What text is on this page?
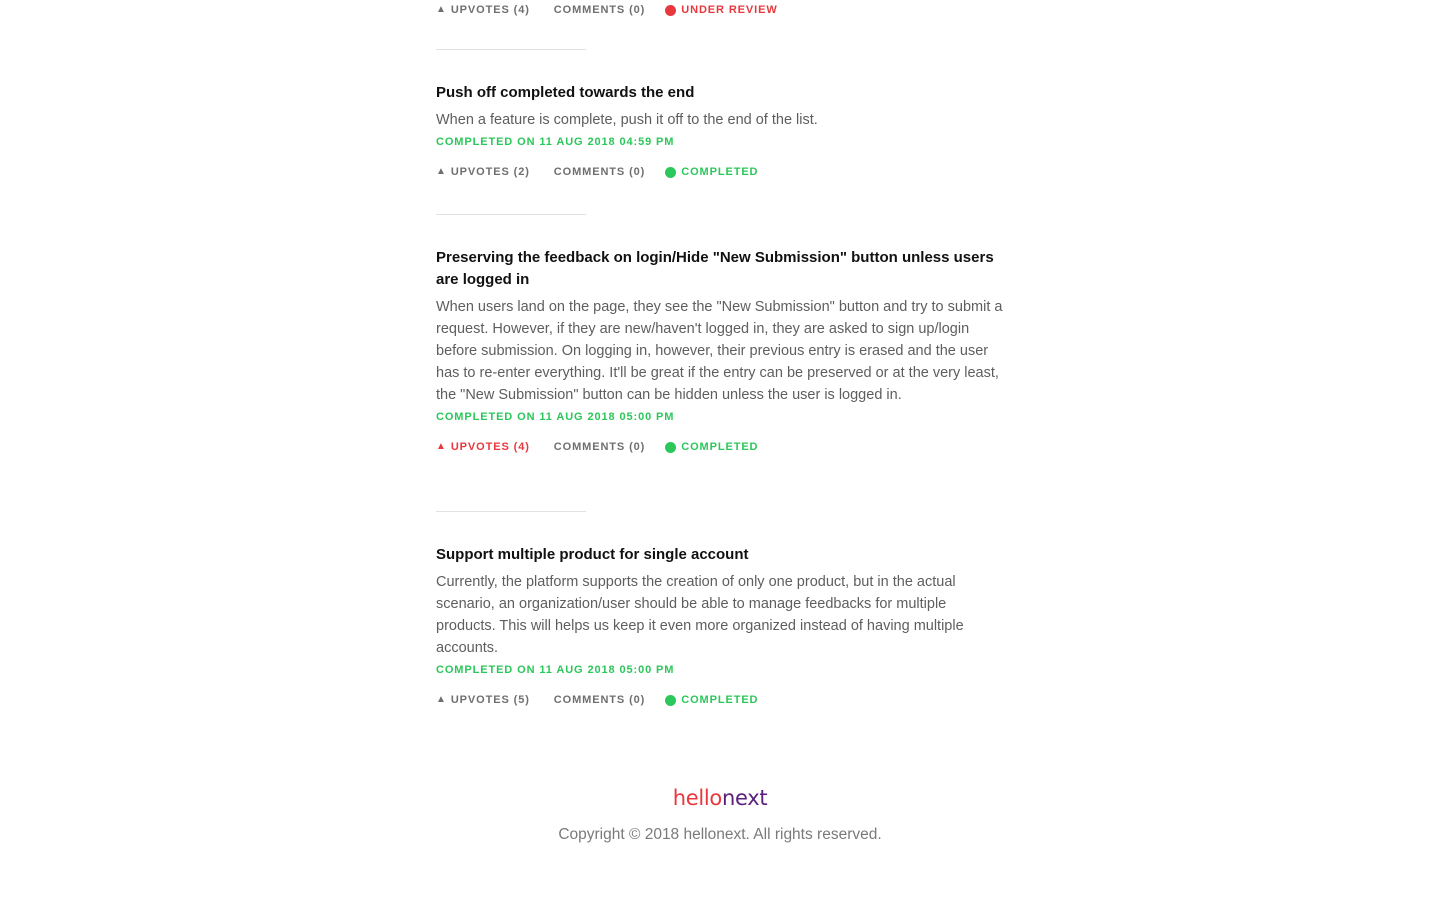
▲ UPVOTES (4) COMMENTS (0)	UNDER REVIEW
Push off completed towards the end
When a feature is complete, push it off to the end of the list.
COMPLETED ON 11 AUG 2018 04:59 PM
▲ UPVOTES (2) COMMENTS (0)	COMPLETED
Preserving the feedback on login/Hide "New Submission" button unless users are logged in
When users land on the page, they see the "New Submission" button and try to submit a request. However, if they are new/haven't logged in, they are asked to sign up/login before submission. On logging in, however, their previous entry is erased and the user has to re-enter everything. It'll be great if the entry can be preserved or at the very least, the "New Submission" button can be hidden unless the user is logged in.
COMPLETED ON 11 AUG 2018 05:00 PM
▲ UPVOTES (4) COMMENTS (0)	COMPLETED
Support multiple product for single account
Currently, the platform supports the creation of only one product, but in the actual scenario, an organization/user should be able to manage feedbacks for multiple products. This will helps us keep it even more organized instead of having multiple accounts.
COMPLETED ON 11 AUG 2018 05:00 PM
▲ UPVOTES (5) COMMENTS (0)	COMPLETED
hellonext
Copyright © 2018 hellonext. All rights reserved.
